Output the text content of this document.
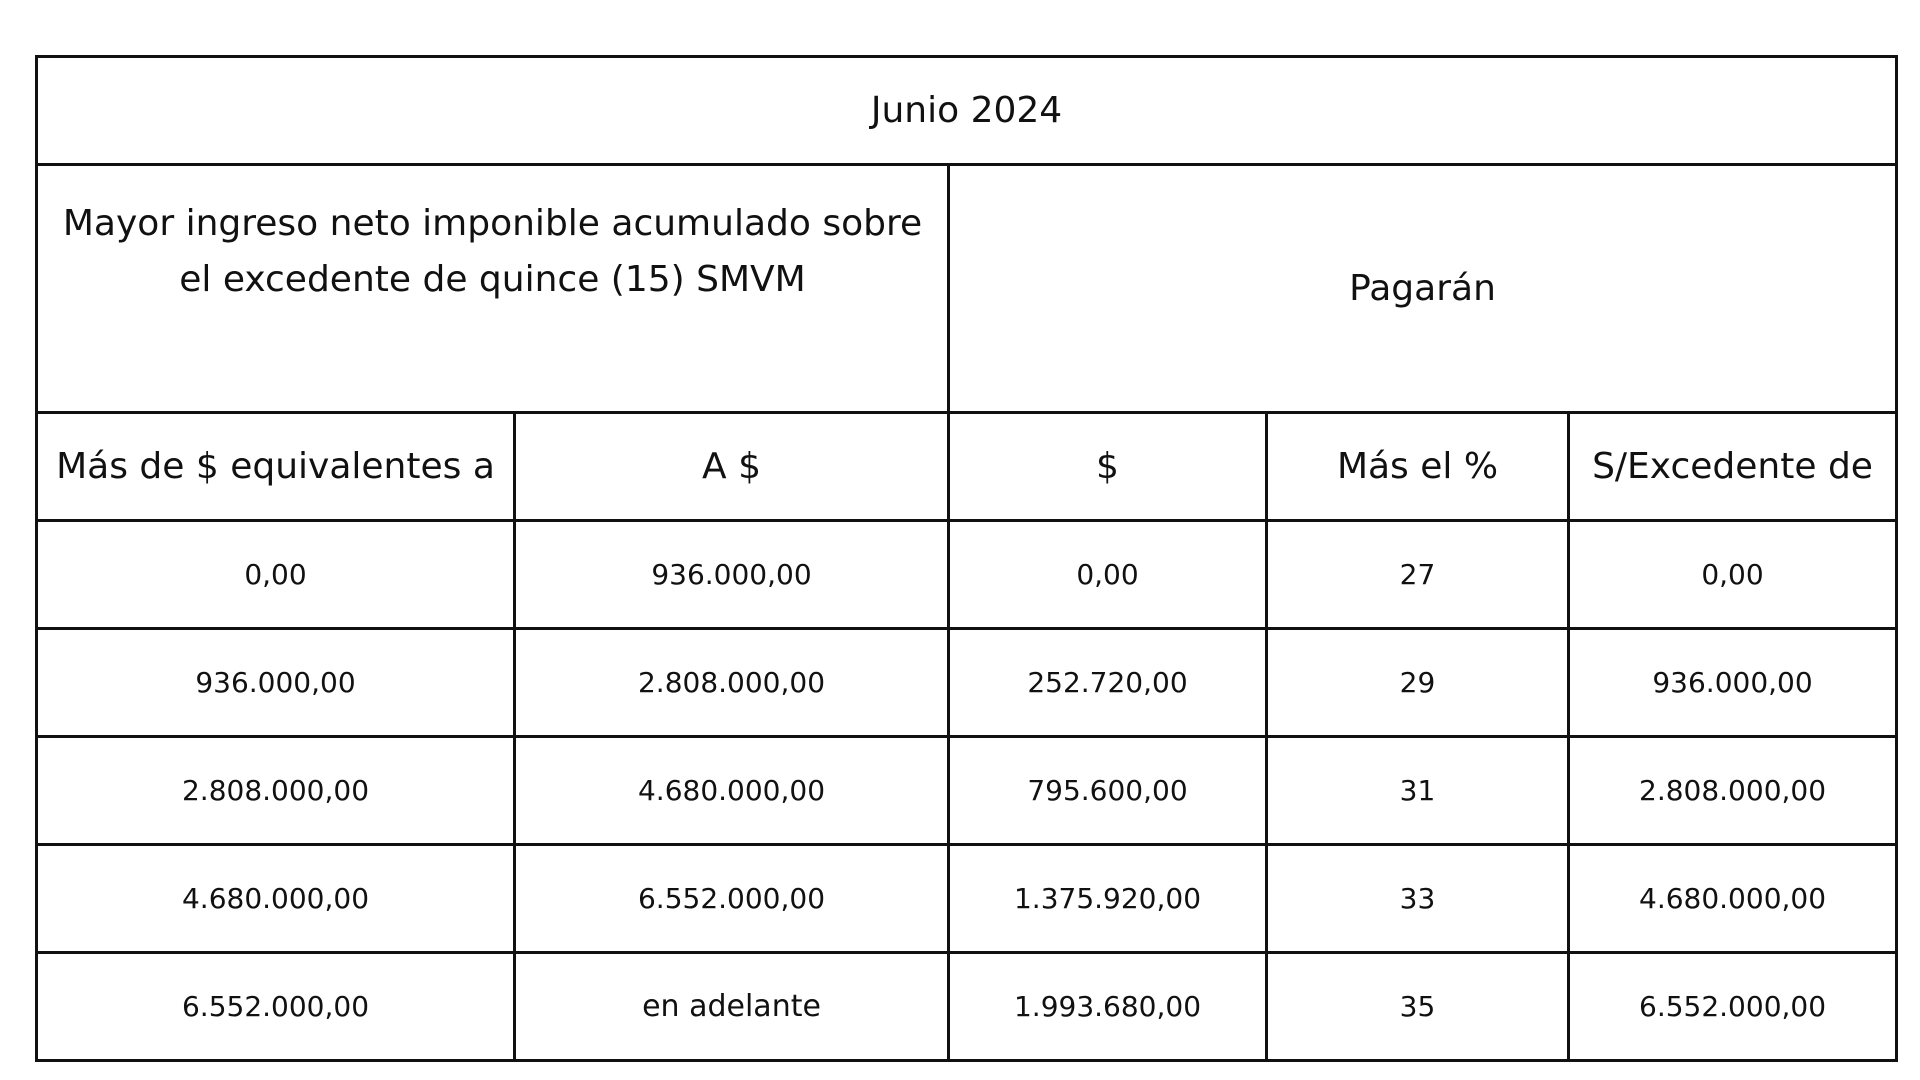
Junio 2024				
Mayor ingreso neto imponible acumulado sobre el excedente de quince (15) SMVM		Pagarán		
Más de $ equivalentes a	A $	$	Más el %	S/Excedente de
0,00	936.000,00	0,00	27	0,00
936.000,00	2.808.000,00	252.720,00	29	936.000,00
2.808.000,00	4.680.000,00	795.600,00	31	2.808.000,00
4.680.000,00	6.552.000,00	1.375.920,00	33	4.680.000,00
6.552.000,00	en adelante	1.993.680,00	35	6.552.000,00
